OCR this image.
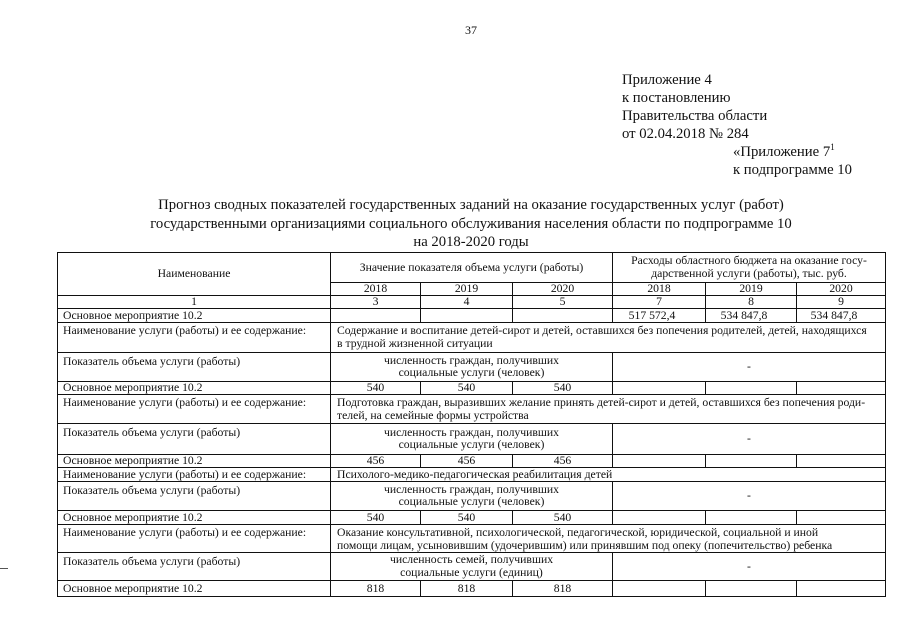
37
Приложение 4
к постановлению
Правительства области
от 02.04.2018 № 284
«Приложение $7^1$
к подпрограмме 10
Прогноз сводных показателей государственных заданий на оказание государственных услуг (работ)
государственными организациями социального обслуживания населения области по подпрограмме 10
на 2018-2020 годы
Наименование	Значение показателя объема услуги (работы)			Расходы областного бюджета на оказание госу-
дарственной услуги (работы), тыс. руб.		

	2018	2019	2020	2018	2019	2020
1	3	4	5	7	8	9
Основное мероприятие 10.2				517 572,4	534 847,8	534 847,8
Наименование услуги (работы) и ее содержание:	Содержание и воспитание детей-сирот и детей, оставшихся без попечения родителей, детей, находящихся
в трудной жизненной ситуации					

Показатель объема услуги (работы)	численность граждан, получивших
социальные услуги (человек)			-		
Основное мероприятие 10.2	540	540	540			
Наименование услуги (работы) и ее содержание:	Подготовка граждан, выразивших желание принять детей-сирот и детей, оставшихся без попечения роди-
телей, на семейные формы устройства					

Показатель объема услуги (работы)	численность граждан, получивших
социальные услуги (человек)			-		
Основное мероприятие 10.2	456	456	456			
Наименование услуги (работы) и ее содержание:	Психолого-медико-педагогическая реабилитация детей					

Показатель объема услуги (работы)	численность граждан, получивших
социальные услуги (человек)			-		
Основное мероприятие 10.2	540	540	540			
Наименование услуги (работы) и ее содержание:	Оказание консультативной, психологической, педагогической, юридической, социальной и иной
помощи лицам, усыновившим (удочерившим) или принявшим под опеку (попечительство) ребенка					

Показатель объема услуги (работы)	численность семей, получивших
социальные услуги (единиц)			-		
Основное мероприятие 10.2	818	818	818			
